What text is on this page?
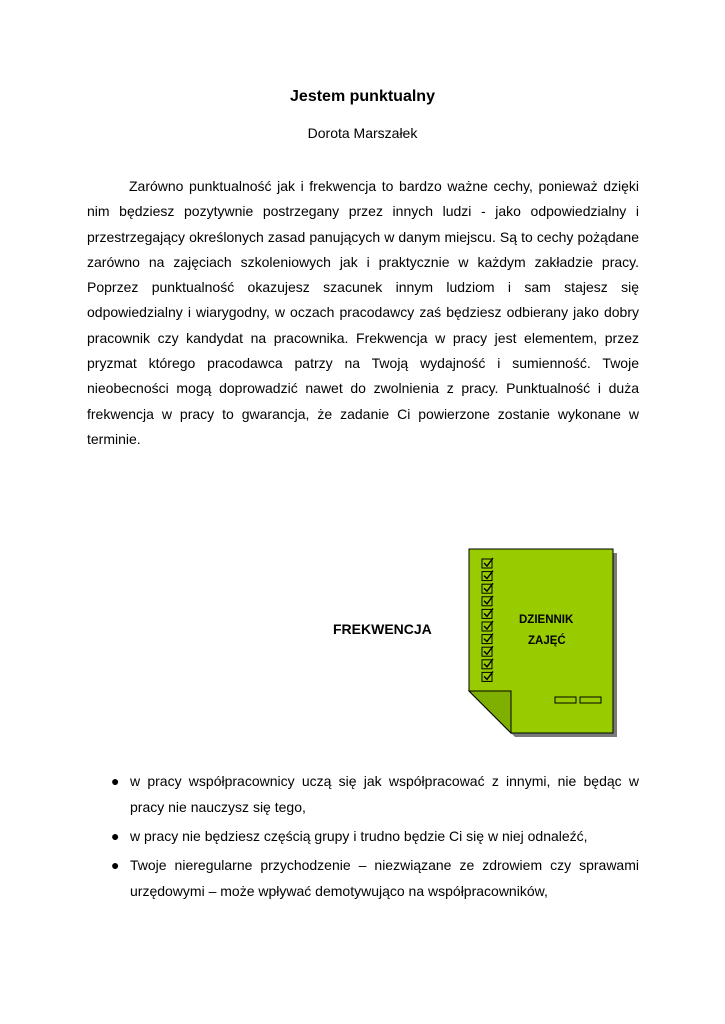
Jestem punktualny
Dorota Marszałek

Zarówno punktualność jak i frekwencja to bardzo ważne cechy, ponieważ dzięki nim będziesz pozytywnie postrzegany przez innych ludzi - jako odpowiedzialny i przestrzegający określonych zasad panujących w danym miejscu. Są to cechy pożądane zarówno na zajęciach szkoleniowych jak i praktycznie w każdym zakładzie pracy. Poprzez punktualność okazujesz szacunek innym ludziom i sam stajesz się odpowiedzialny i wiarygodny, w oczach pracodawcy zaś będziesz odbierany jako dobry pracownik czy kandydat na pracownika. Frekwencja w pracy jest elementem, przez pryzmat którego pracodawca patrzy na Twoją wydajność i sumienność. Twoje nieobecności mogą doprowadzić nawet do zwolnienia z pracy. Punktualność i duża frekwencja w pracy to gwarancja, że zadanie Ci powierzone zostanie wykonane w terminie.

FREKWENCJA
DZIENNIK
ZAJĘĆ
● w pracy współpracownicy uczą się jak współpracować z innymi, nie będąc w pracy nie nauczysz się tego,
● w pracy nie będziesz częścią grupy i trudno będzie Ci się w niej odnaleźć,
● Twoje nieregularne przychodzenie – niezwiązane ze zdrowiem czy sprawami urzędowymi – może wpływać demotywująco na współpracowników,
